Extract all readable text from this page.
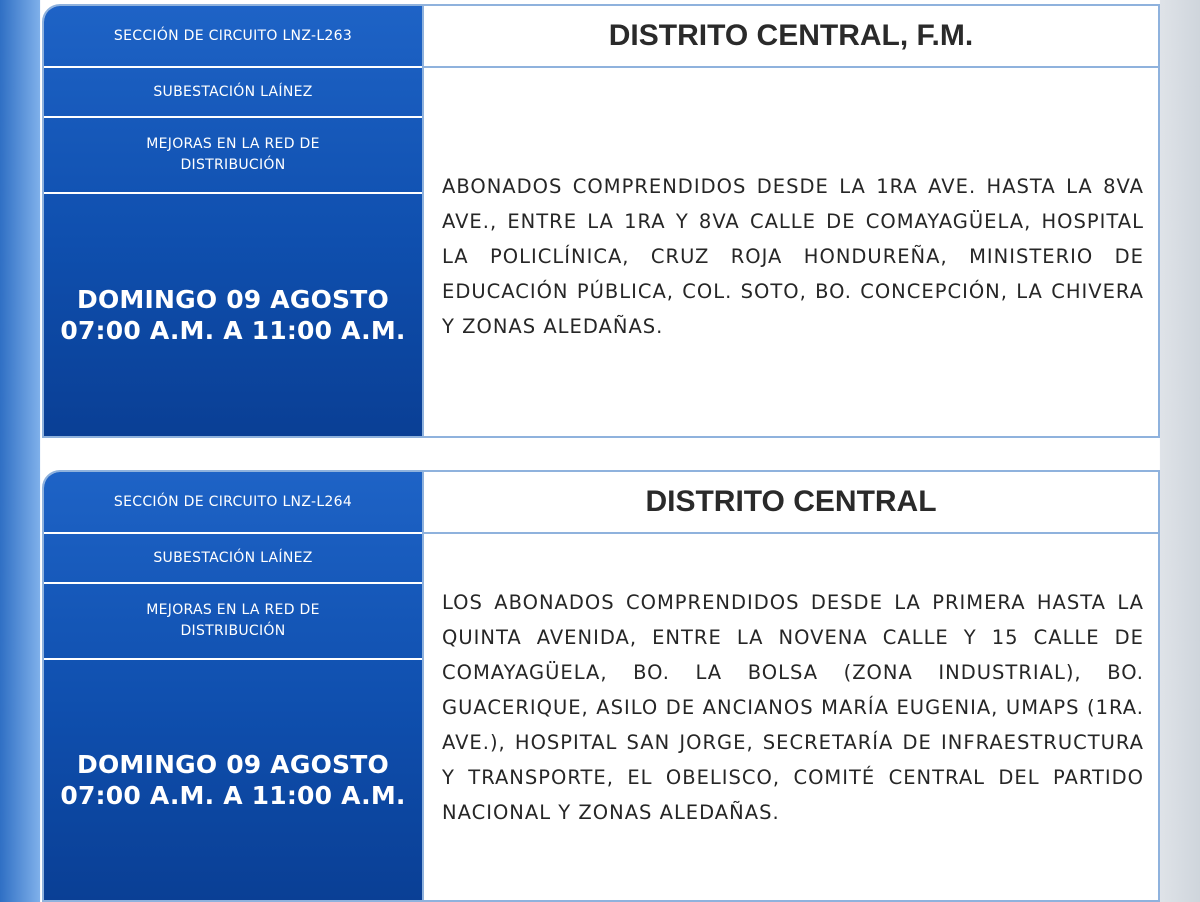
SECCIÓN DE CIRCUITO LNZ-L263
SUBESTACIÓN LAÍNEZ
MEJORAS EN LA RED DE
DISTRIBUCIÓN
DOMINGO 09 AGOSTO
07:00 A.M. A 11:00 A.M.
DISTRITO CENTRAL, F.M.

ABONADOS COMPRENDIDOS DESDE LA 1RA AVE. HASTA LA 8VA AVE., ENTRE LA 1RA Y 8VA CALLE DE COMAYAGÜELA, HOSPITAL LA POLICLÍNICA, CRUZ ROJA HONDUREÑA, MINISTERIO DE EDUCACIÓN PÚBLICA, COL. SOTO, BO. CONCEPCIÓN, LA CHIVERA Y ZONAS ALEDAÑAS.

SECCIÓN DE CIRCUITO LNZ-L264
SUBESTACIÓN LAÍNEZ
MEJORAS EN LA RED DE
DISTRIBUCIÓN
DOMINGO 09 AGOSTO
07:00 A.M. A 11:00 A.M.
DISTRITO CENTRAL

LOS ABONADOS COMPRENDIDOS DESDE LA PRIMERA HASTA LA QUINTA AVENIDA, ENTRE LA NOVENA CALLE Y 15 CALLE DE COMAYAGÜELA, BO. LA BOLSA (ZONA INDUSTRIAL), BO. GUACERIQUE, ASILO DE ANCIANOS MARÍA EUGENIA, UMAPS (1RA. AVE.), HOSPITAL SAN JORGE, SECRETARÍA DE INFRAESTRUCTURA Y TRANSPORTE, EL OBELISCO, COMITÉ CENTRAL DEL PARTIDO NACIONAL Y ZONAS ALEDAÑAS.
